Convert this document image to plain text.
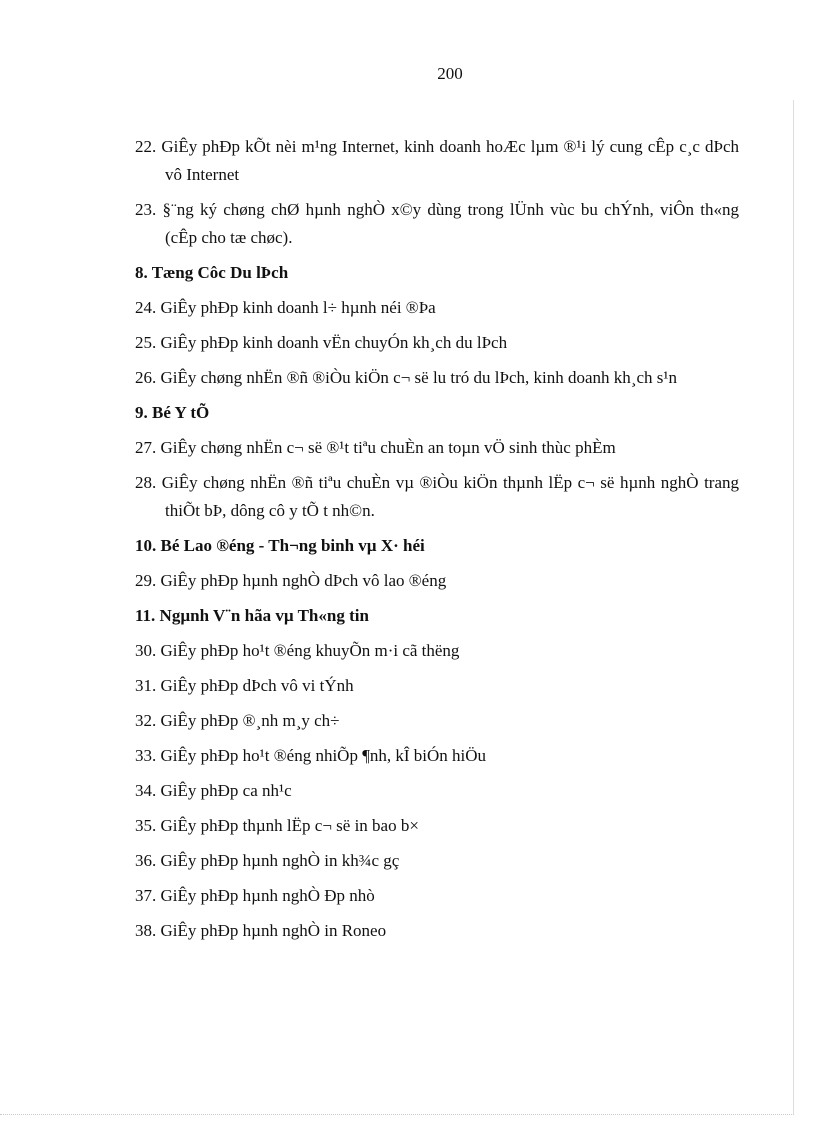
200
22. GiÊy phÐp kÕt nèi m¹ng Internet, kinh doanh hoÆc lµm ®¹i lý cung cÊp c¸c dÞch vô Internet
23. §¨ng ký chøng chØ hµnh nghÒ x©y dùng trong lÜnh vùc bu chÝnh, viÔn th«ng (cÊp cho tæ chøc).
8. Tæng Côc Du lÞch
24. GiÊy phÐp kinh doanh l÷ hµnh néi ®Þa
25. GiÊy phÐp kinh doanh vËn chuyÓn kh¸ch du lÞch
26. GiÊy chøng nhËn ®ñ ®iÒu kiÖn c¬ së lu tró du lÞch, kinh doanh kh¸ch s¹n
9. Bé Y tÕ
27. GiÊy chøng nhËn c¬ së ®¹t tiªu chuÈn an toµn vÖ sinh thùc phÈm
28. GiÊy chøng nhËn ®ñ tiªu chuÈn vµ ®iÒu kiÖn thµnh lËp c¬ së hµnh nghÒ trang thiÕt bÞ, dông cô y tÕ t nh©n.
10. Bé Lao ®éng - Th¬ng binh vµ X· héi
29. GiÊy phÐp hµnh nghÒ dÞch vô lao ®éng
11. Ngµnh V¨n hãa vµ Th«ng tin
30. GiÊy phÐp ho¹t ®éng khuyÕn m·i cã thëng
31. GiÊy phÐp dÞch vô vi tÝnh
32. GiÊy phÐp ®¸nh m¸y ch÷
33. GiÊy phÐp ho¹t ®éng nhiÕp ¶nh, kÎ biÓn hiÖu
34. GiÊy phÐp ca nh¹c
35. GiÊy phÐp thµnh lËp c¬ së in bao b×
36. GiÊy phÐp hµnh nghÒ in kh¾c gç
37. GiÊy phÐp hµnh nghÒ Ðp nhò
38. GiÊy phÐp hµnh nghÒ in Roneo
